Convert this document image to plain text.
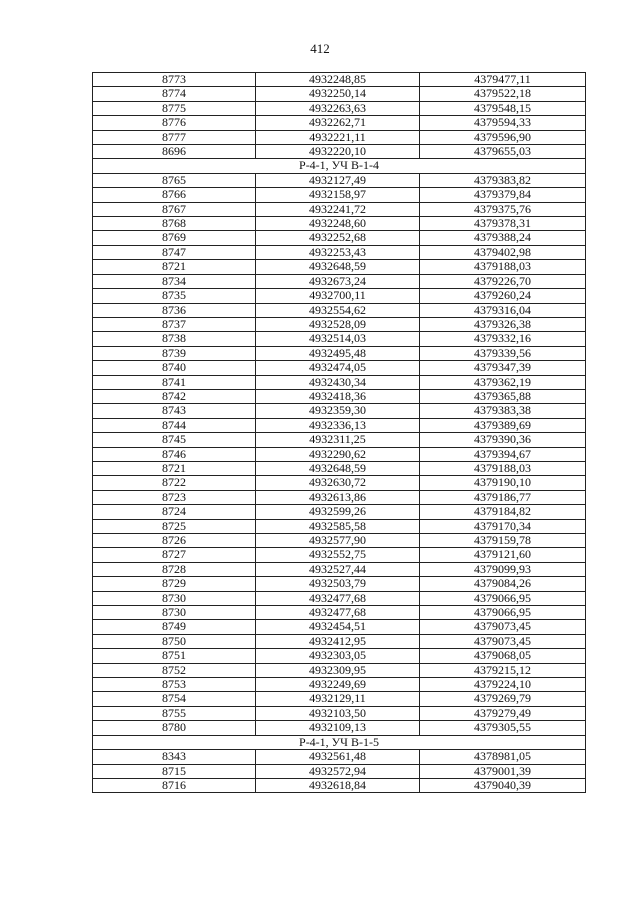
412
8773	4932248,85	4379477,11
8774	4932250,14	4379522,18
8775	4932263,63	4379548,15
8776	4932262,71	4379594,33
8777	4932221,11	4379596,90
8696	4932220,10	4379655,03
Р-4-1, УЧ В-1-4		
8765	4932127,49	4379383,82
8766	4932158,97	4379379,84
8767	4932241,72	4379375,76
8768	4932248,60	4379378,31
8769	4932252,68	4379388,24
8747	4932253,43	4379402,98
8721	4932648,59	4379188,03
8734	4932673,24	4379226,70
8735	4932700,11	4379260,24
8736	4932554,62	4379316,04
8737	4932528,09	4379326,38
8738	4932514,03	4379332,16
8739	4932495,48	4379339,56
8740	4932474,05	4379347,39
8741	4932430,34	4379362,19
8742	4932418,36	4379365,88
8743	4932359,30	4379383,38
8744	4932336,13	4379389,69
8745	4932311,25	4379390,36
8746	4932290,62	4379394,67
8721	4932648,59	4379188,03
8722	4932630,72	4379190,10
8723	4932613,86	4379186,77
8724	4932599,26	4379184,82
8725	4932585,58	4379170,34
8726	4932577,90	4379159,78
8727	4932552,75	4379121,60
8728	4932527,44	4379099,93
8729	4932503,79	4379084,26
8730	4932477,68	4379066,95
8730	4932477,68	4379066,95
8749	4932454,51	4379073,45
8750	4932412,95	4379073,45
8751	4932303,05	4379068,05
8752	4932309,95	4379215,12
8753	4932249,69	4379224,10
8754	4932129,11	4379269,79
8755	4932103,50	4379279,49
8780	4932109,13	4379305,55
Р-4-1, УЧ В-1-5		
8343	4932561,48	4378981,05
8715	4932572,94	4379001,39
8716	4932618,84	4379040,39
